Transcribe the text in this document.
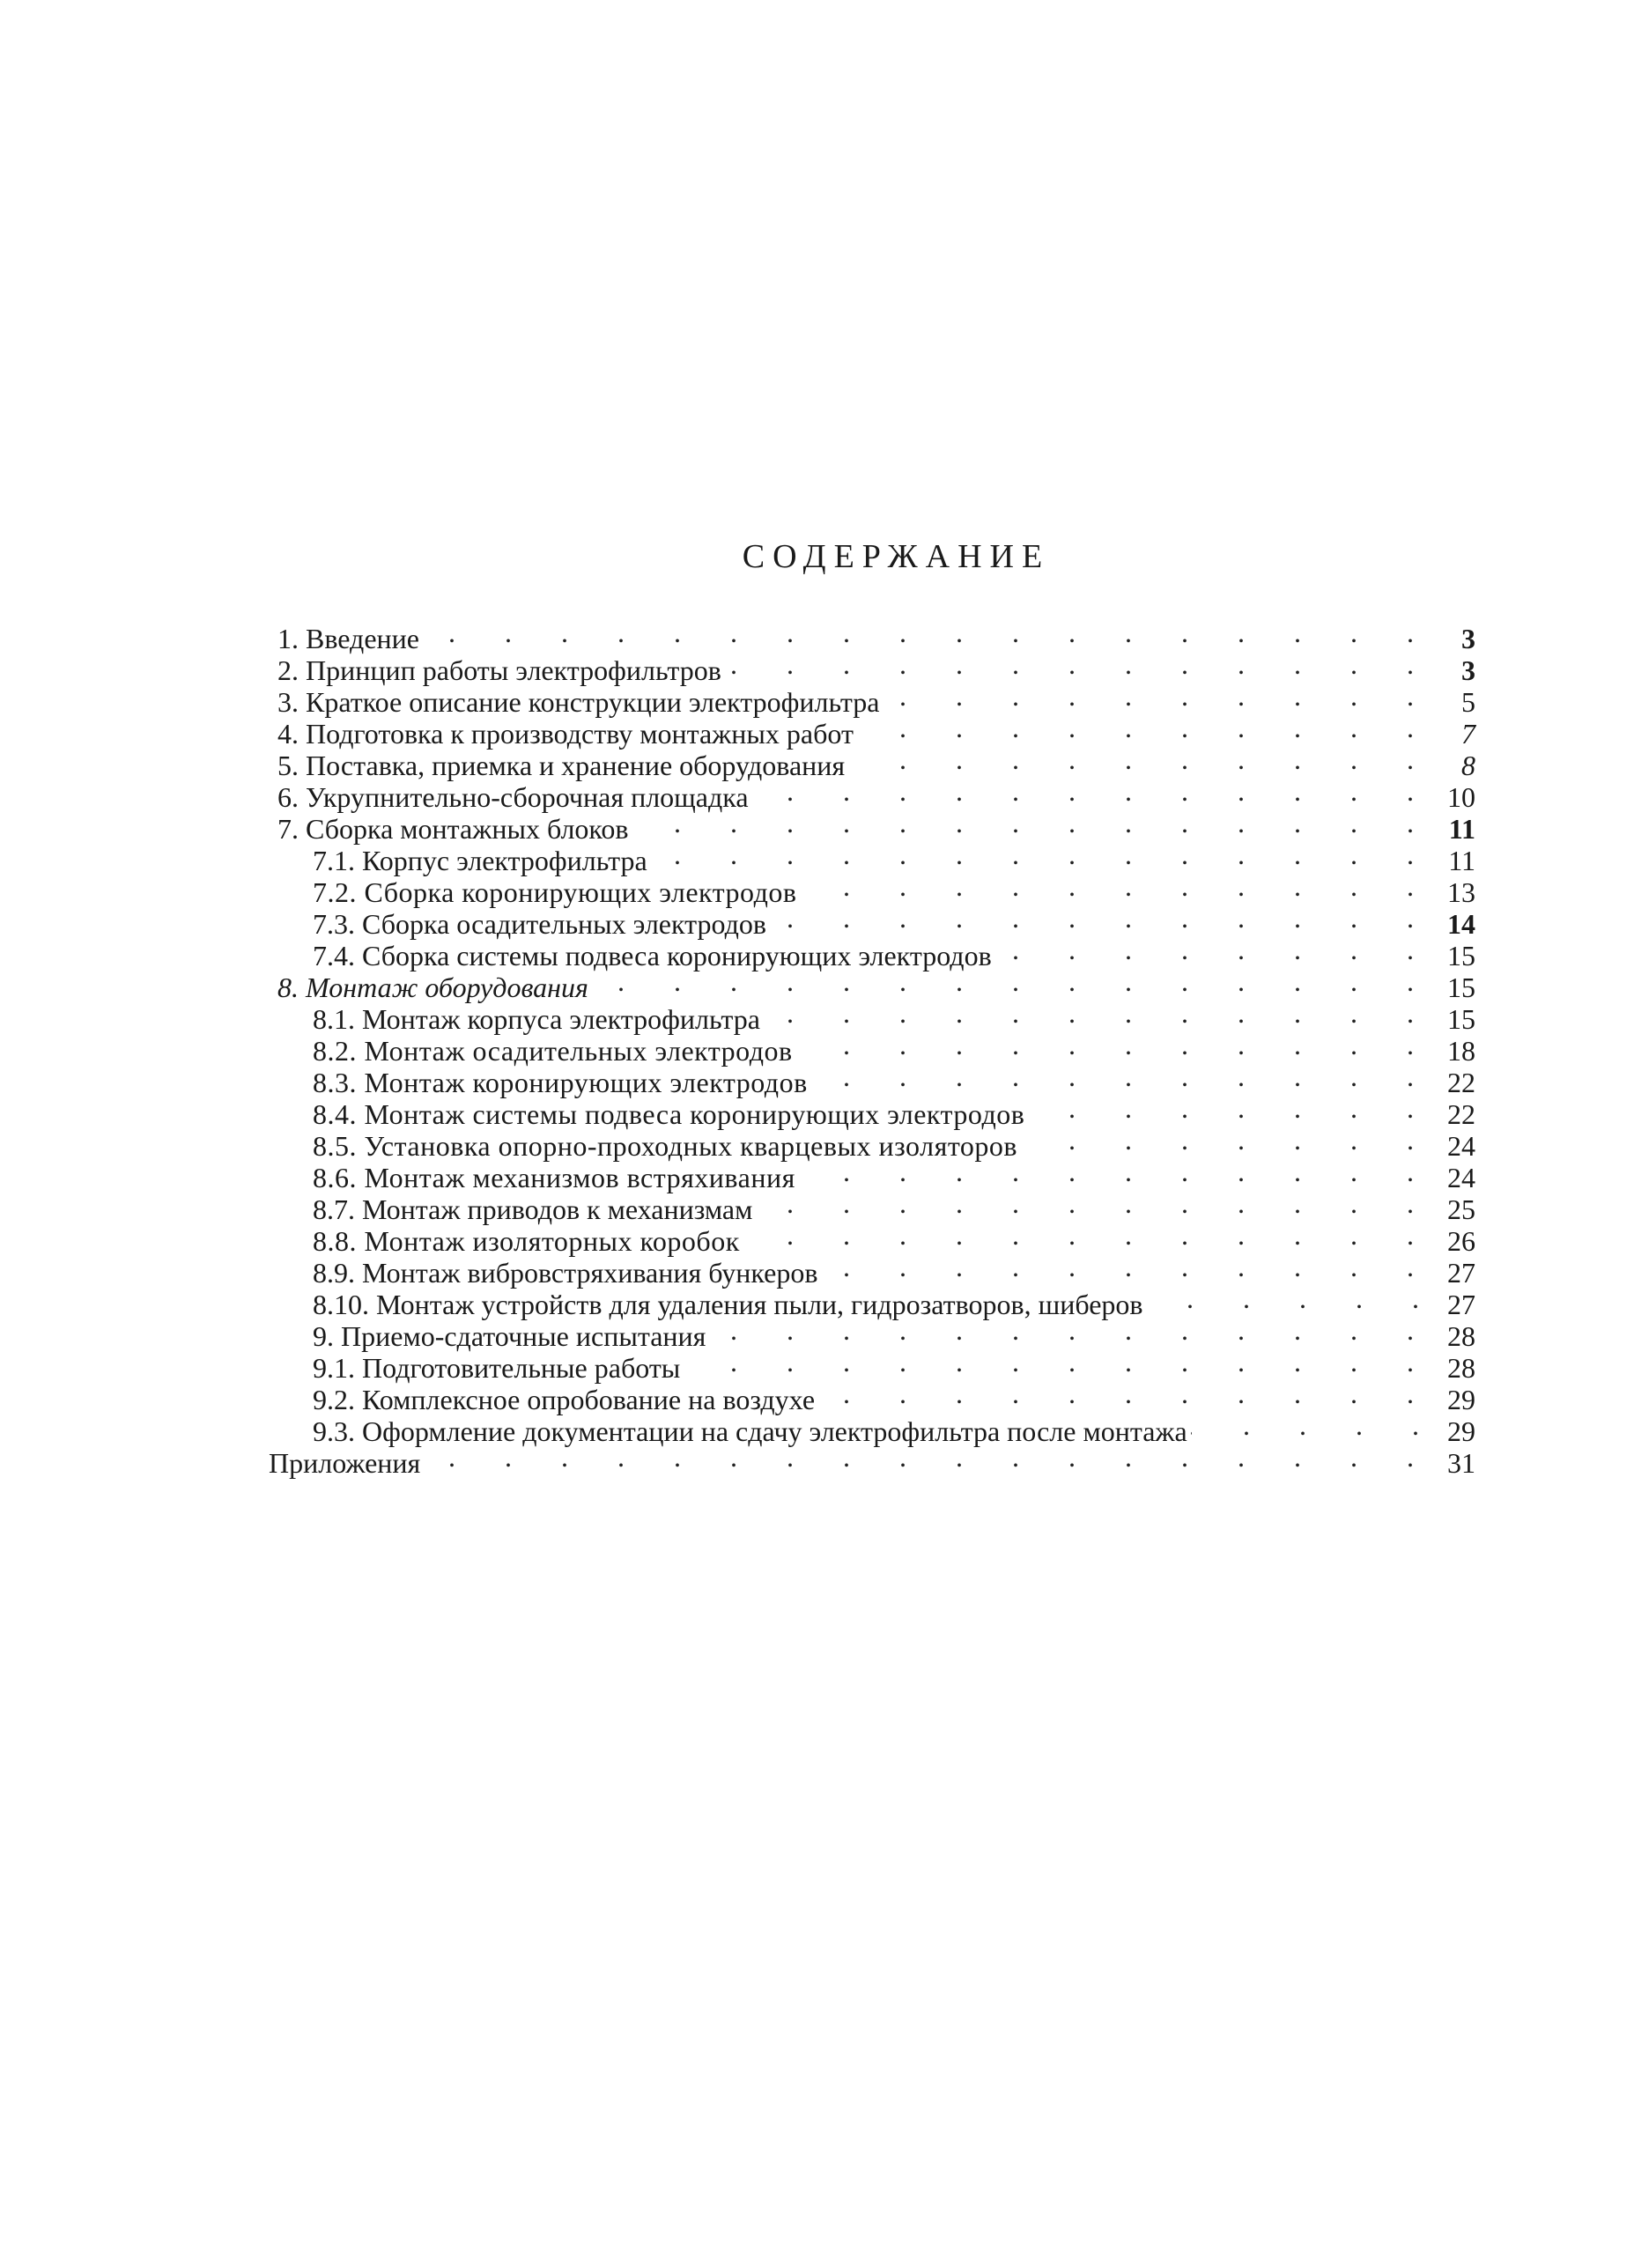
СОДЕРЖАНИЕ
1. Введение .	3
2. Принцип работы электрофильтров .	3
3. Краткое описание конструкции электрофильтра .	5
4. Подготовка к производству монтажных работ .	7
5. Поставка, приемка и хранение оборудования .	8
6. Укрупнительно-сборочная площадка .	10
7. Сборка монтажных блоков .	11
7.1. Корпус электрофильтра .	11
7.2. Сборка коронирующих электродов .	13
7.3. Сборка осадительных электродов .	14
7.4. Сборка системы подвеса коронирующих электродов .	15
8. Монтаж оборудования .	15
8.1. Монтаж корпуса электрофильтра .	15
8.2. Монтаж осадительных электродов .	18
8.3. Монтаж коронирующих электродов .	22
8.4. Монтаж системы подвеса коронирующих электродов .	22
8.5. Установка опорно-проходных кварцевых изоляторов .	24
8.6. Монтаж механизмов встряхивания .	24
8.7. Монтаж приводов к механизмам .	25
8.8. Монтаж изоляторных коробок .	26
8.9. Монтаж вибровстряхивания бункеров .	27
8.10. Монтаж устройств для удаления пыли, гидрозатворов, шиберов .	27
9. Приемо-сдаточные испытания .	28
9.1. Подготовительные работы .	28
9.2. Комплексное опробование на воздухе .	29
9.3. Оформление документации на сдачу электрофильтра после монтажа .	29
Приложения .	31
